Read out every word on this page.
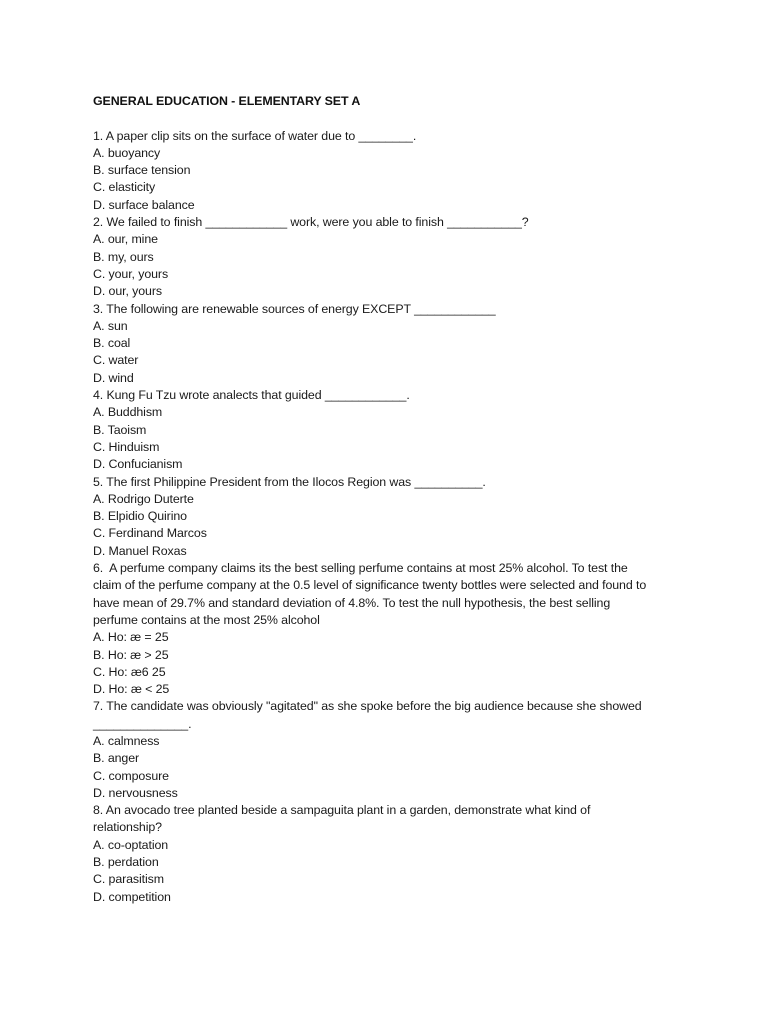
GENERAL EDUCATION - ELEMENTARY SET A
1. A paper clip sits on the surface of water due to ________.
A. buoyancy
B. surface tension
C. elasticity
D. surface balance
2. We failed to finish ____________ work, were you able to finish ___________?
A. our, mine
B. my, ours
C. your, yours
D. our, yours
3. The following are renewable sources of energy EXCEPT ____________
A. sun
B. coal
C. water
D. wind
4. Kung Fu Tzu wrote analects that guided ____________.
A. Buddhism
B. Taoism
C. Hinduism
D. Confucianism
5. The first Philippine President from the Ilocos Region was __________.
A. Rodrigo Duterte
B. Elpidio Quirino
C. Ferdinand Marcos
D. Manuel Roxas
6.  A perfume company claims its the best selling perfume contains at most 25% alcohol. To test the
claim of the perfume company at the 0.5 level of significance twenty bottles were selected and found to
have mean of 29.7% and standard deviation of 4.8%. To test the null hypothesis, the best selling
perfume contains at the most 25% alcohol
A. Ho: æ = 25
B. Ho: æ > 25
C. Ho: æ6 25
D. Ho: æ < 25
7. The candidate was obviously "agitated" as she spoke before the big audience because she showed
______________.
A. calmness
B. anger
C. composure
D. nervousness
8. An avocado tree planted beside a sampaguita plant in a garden, demonstrate what kind of
relationship?
A. co-optation
B. perdation
C. parasitism
D. competition
